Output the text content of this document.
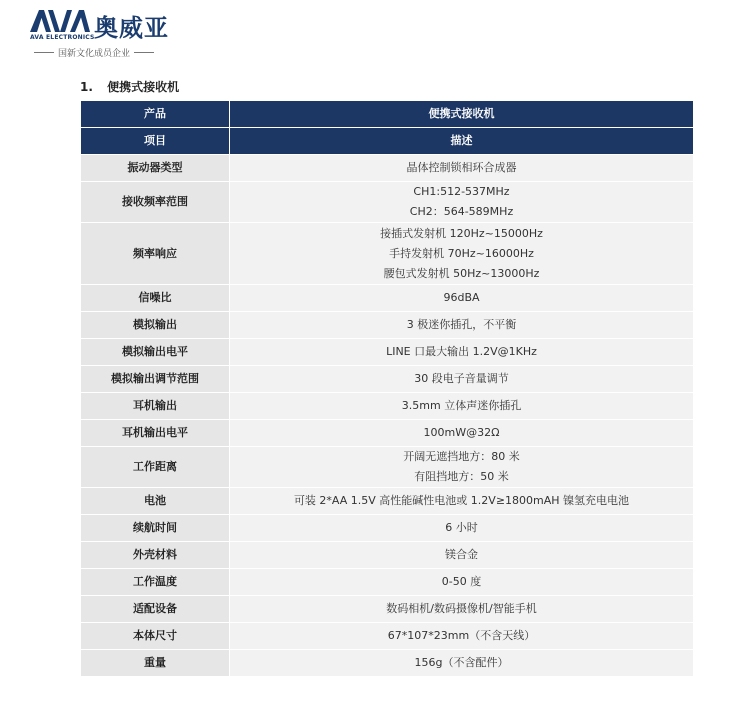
AVA ELECTRONICS 奥威亚
国新文化成员企业
1. 便携式接收机
产品	便携式接收机
项目	描述
振动器类型	晶体控制锁相环合成器

接收频率范围	CH1:512-537MHz
CH2：564-589MHz

频率响应	接插式发射机 120Hz~15000Hz
手持发射机 70Hz~16000Hz
腰包式发射机 50Hz~13000Hz

信噪比	96dBA

模拟输出	3 极迷你插孔，不平衡

模拟输出电平	LINE 口最大输出 1.2V@1KHz

模拟输出调节范围	30 段电子音量调节

耳机输出	3.5mm 立体声迷你插孔

耳机输出电平	100mW@32Ω

工作距离	开阔无遮挡地方：80 米
有阻挡地方：50 米

电池	可装 2*AA 1.5V 高性能碱性电池或 1.2V≥1800mAH 镍氢充电电池

续航时间	6 小时

外壳材料	镁合金

工作温度	0-50 度

适配设备	数码相机/数码摄像机/智能手机

本体尺寸	67*107*23mm（不含天线）

重量	156g（不含配件）
